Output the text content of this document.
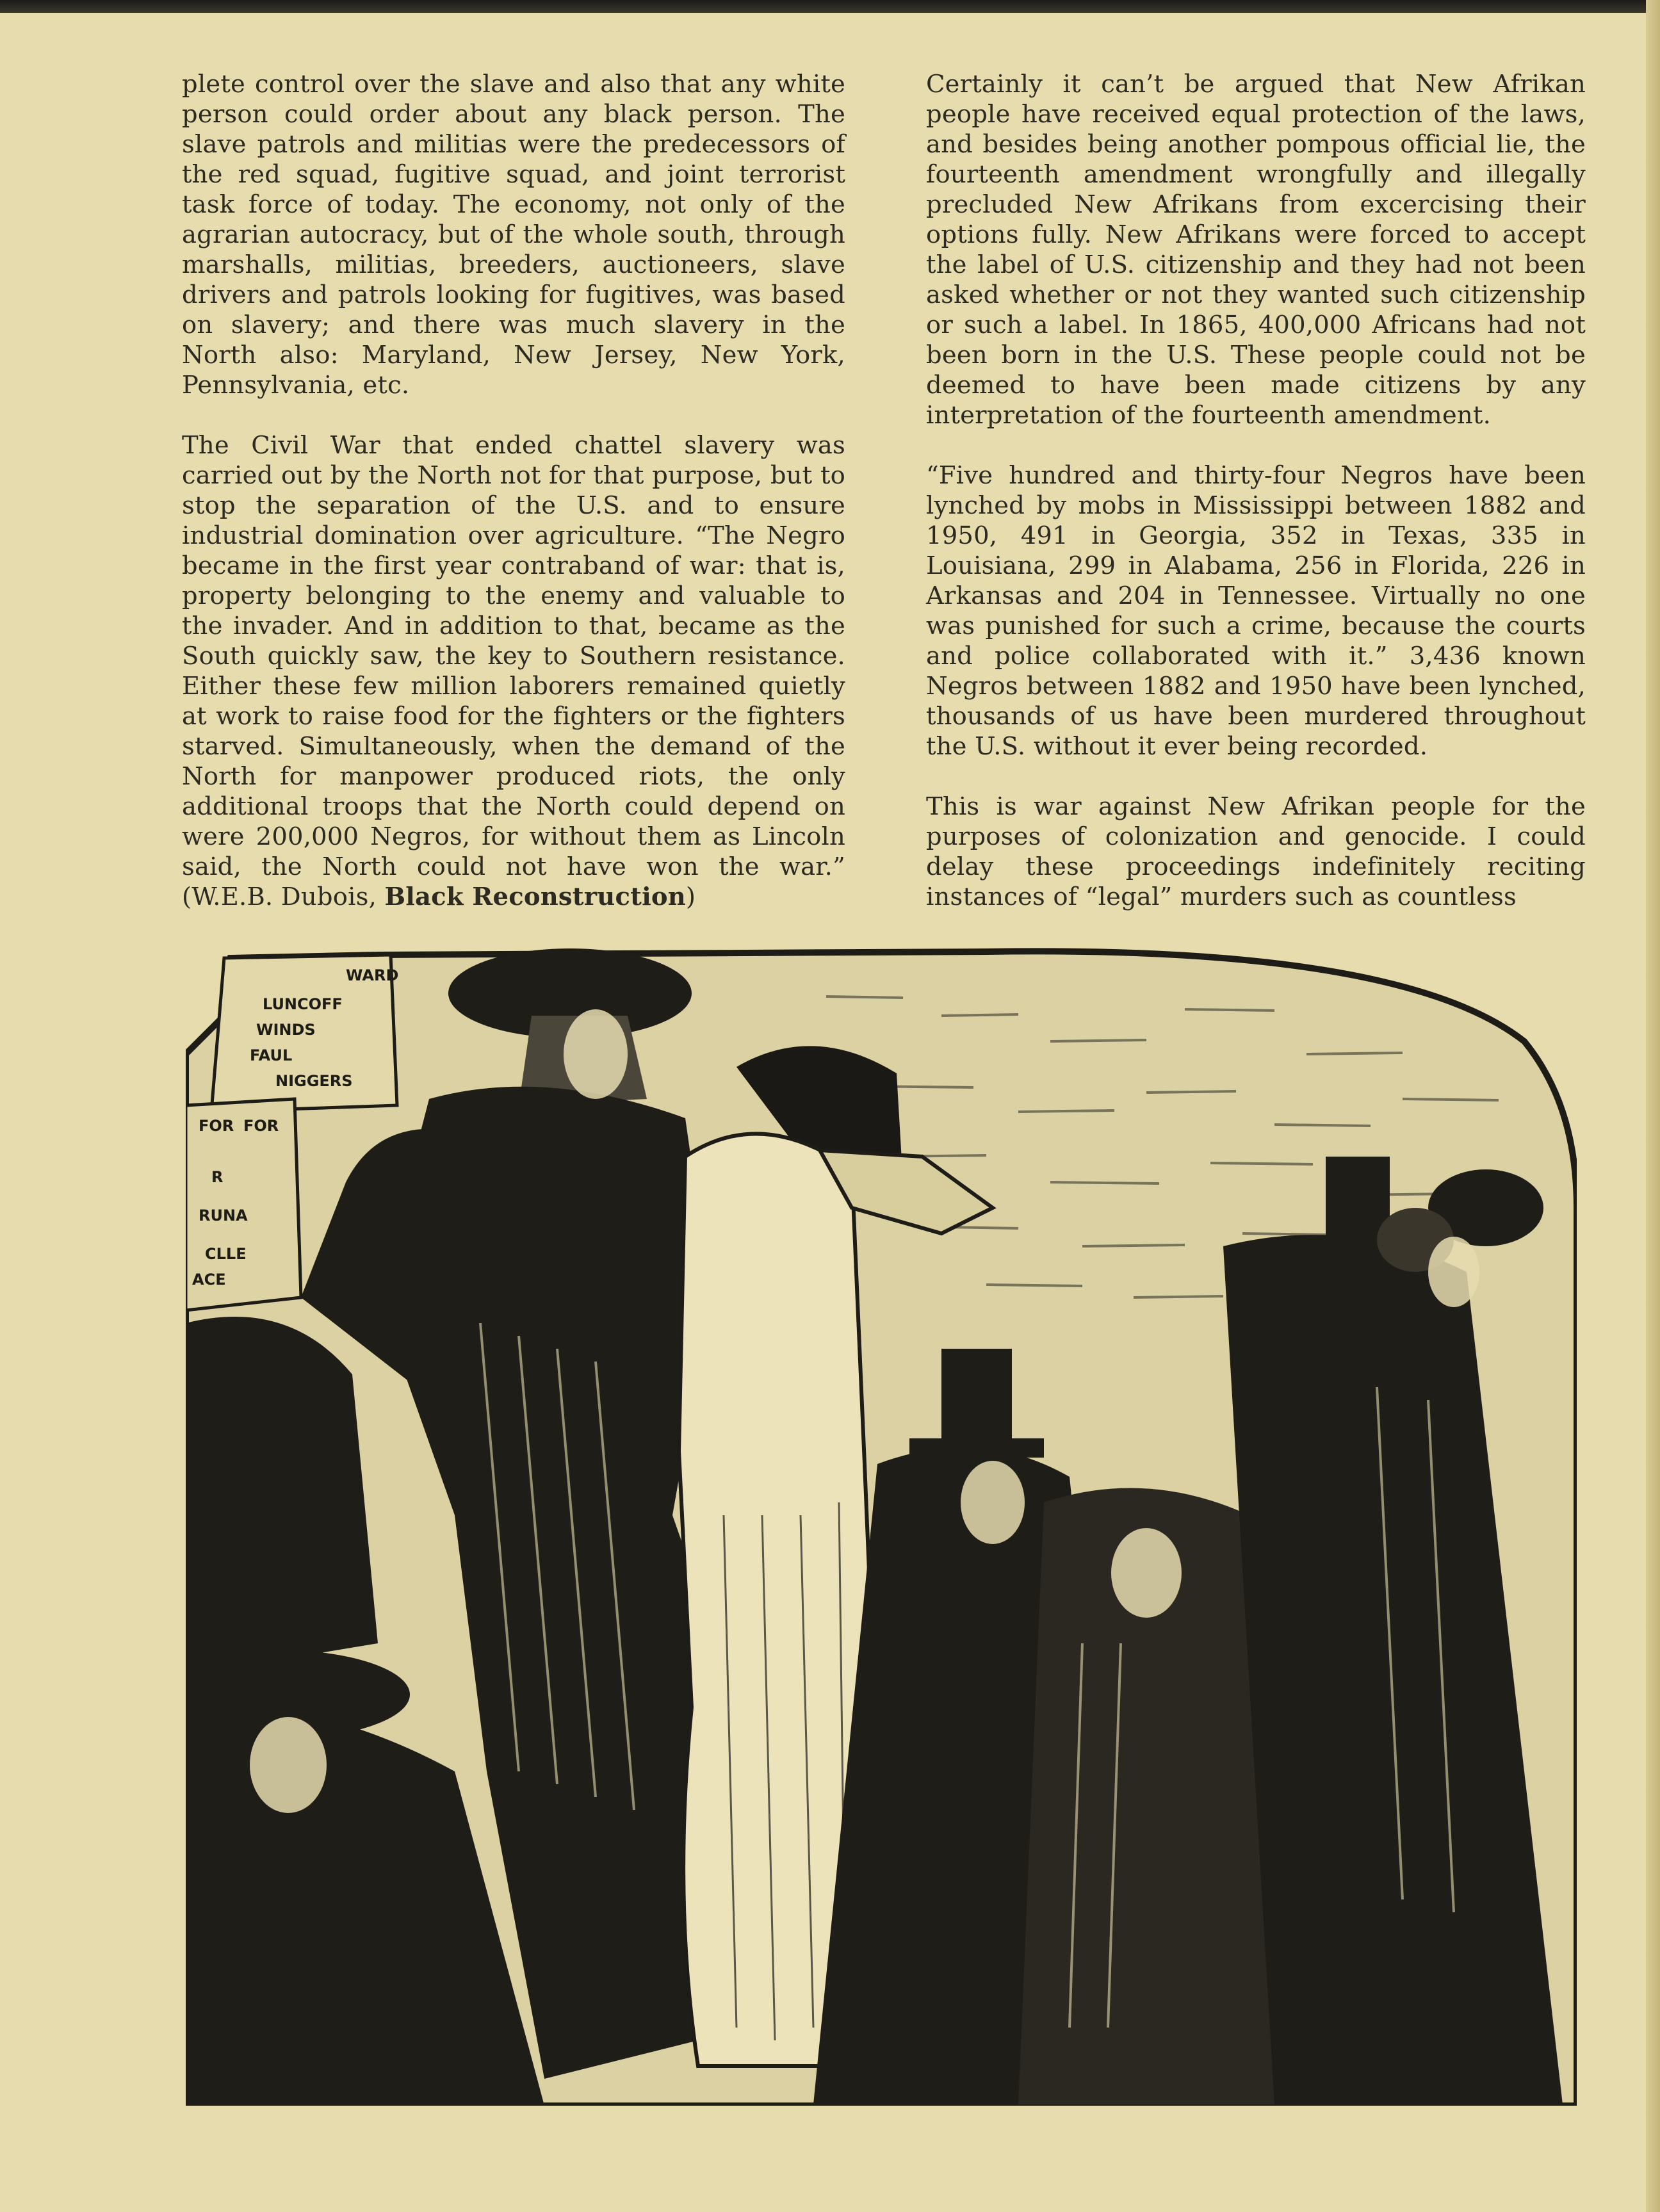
plete control over the slave and also that any white person could order about any black person. The slave patrols and militias were the predecessors of the red squad, fugitive squad, and joint terrorist task force of today. The economy, not only of the agrarian autocracy, but of the whole south, through marshalls, militias, breeders, auctioneers, slave drivers and patrols looking for fugitives, was based on slavery; and there was much slavery in the North also: Maryland, New Jersey, New York, Pennsylvania, etc.

The Civil War that ended chattel slavery was carried out by the North not for that purpose, but to stop the separation of the U.S. and to ensure industrial domination over agriculture. “The Negro became in the first year contraband of war: that is, property belonging to the enemy and valuable to the invader. And in addition to that, became as the South quickly saw, the key to Southern resistance. Either these few million laborers remained quietly at work to raise food for the fighters or the fighters starved. Simultaneously, when the demand of the North for manpower produced riots, the only additional troops that the North could depend on were 200,000 Negros, for without them as Lincoln said, the North could not have won the war.” (W.E.B. Dubois, Black Reconstruction)

Certainly it can’t be argued that New Afrikan people have received equal protection of the laws, and besides being another pompous official lie, the fourteenth amendment wrongfully and illegally precluded New Afrikans from excercising their options fully. New Afrikans were forced to accept the label of U.S. citizenship and they had not been asked whether or not they wanted such citizenship or such a label. In 1865, 400,000 Africans had not been born in the U.S. These people could not be deemed to have been made citizens by any interpretation of the fourteenth amendment.

“Five hundred and thirty-four Negros have been lynched by mobs in Mississippi between 1882 and 1950, 491 in Georgia, 352 in Texas, 335 in Louisiana, 299 in Alabama, 256 in Florida, 226 in Arkansas and 204 in Tennessee. Virtually no one was punished for such a crime, because the courts and police collaborated with it.” 3,436 known Negros between 1882 and 1950 have been lynched, thousands of us have been murdered throughout the U.S. without it ever being recorded.

This is war against New Afrikan people for the purposes of colonization and genocide. I could delay these proceedings indefinitely reciting instances of “legal” murders such as countless

WARD
LUNCOFF
WINDS
FAUL
NIGGERS
FOR FOR
R
RUNA
CLLE
ACE
